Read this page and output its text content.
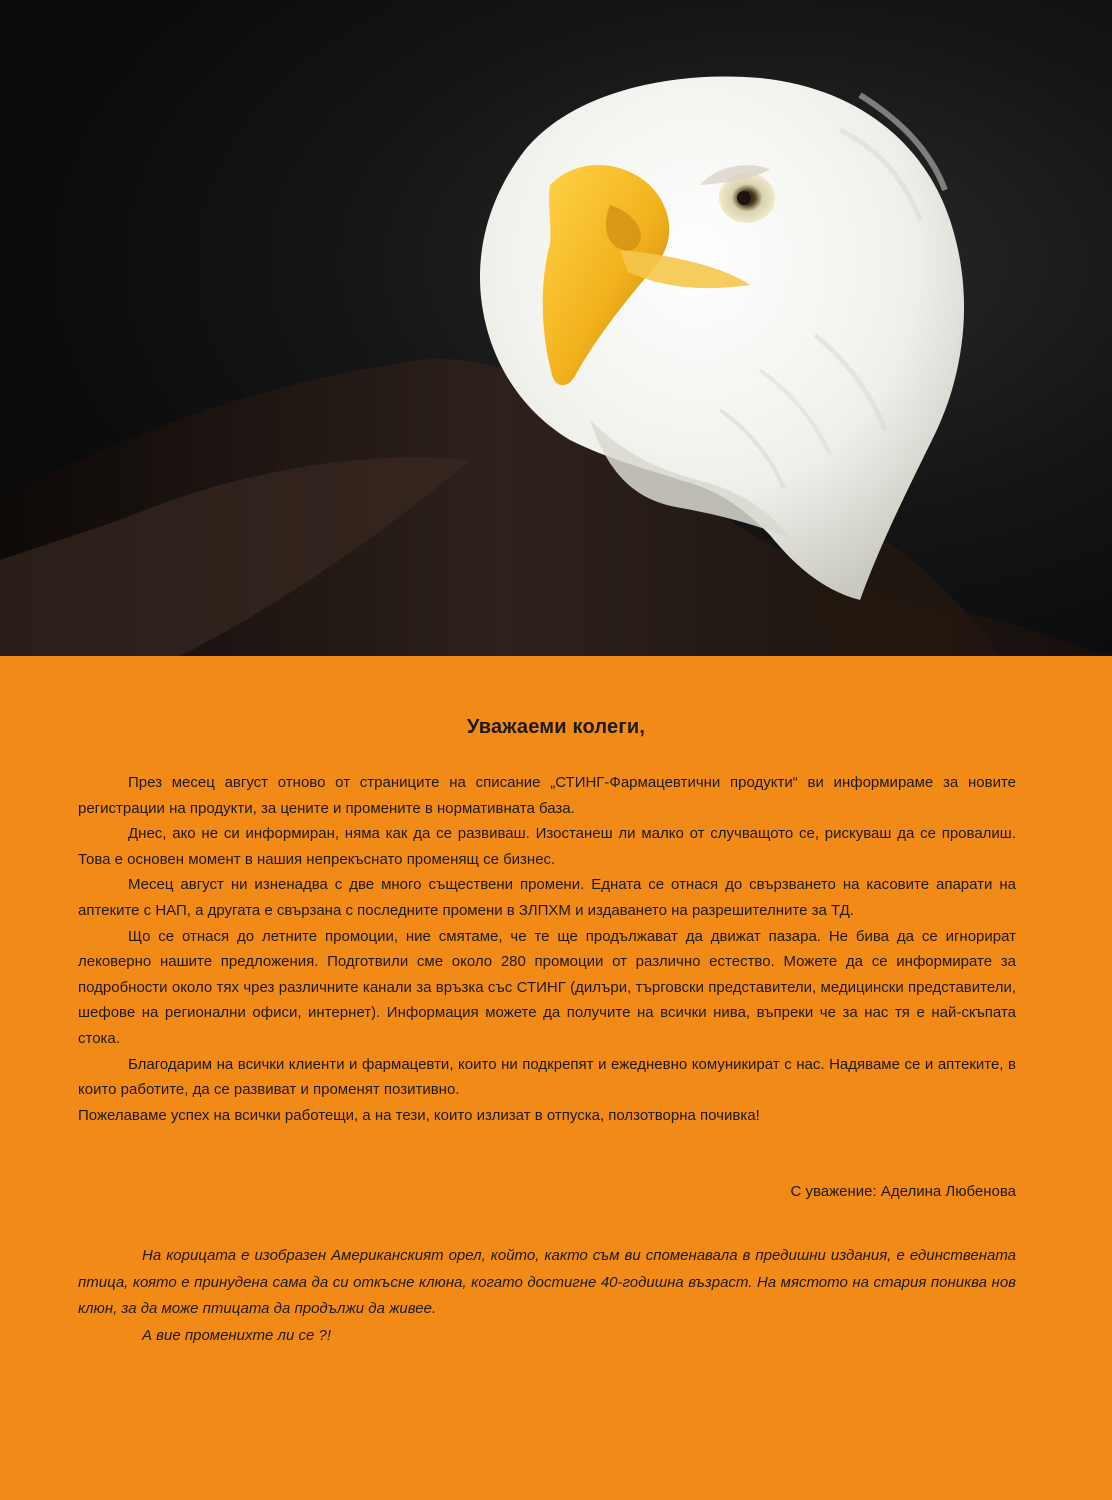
Уважаеми колеги,

През месец август отново от страниците на списание „СТИНГ-Фармацевтични продукти“ ви информираме за новите регистрации на продукти, за цените и промените в нормативната база.

Днес, ако не си информиран, няма как да се развиваш. Изостанеш ли малко от случващото се, рискуваш да се провалиш. Това е основен момент в нашия непрекъснато променящ се бизнес.

Месец август ни изненадва с две много съществени промени. Едната се отнася до свързването на касовите апарати на аптеките с НАП, а другата е свързана с последните промени в ЗЛПХМ и издаването на разрешителните за ТД.

Що се отнася до летните промоции, ние смятаме, че те ще продължават да движат пазара. Не бива да се игнорират лековерно нашите предложения. Подготвили сме около 280 промоции от различно естество. Можете да се информирате за подробности около тях чрез различните канали за връзка със СТИНГ (дилъри, търговски представители, медицински представители, шефове на регионални офиси, интернет). Информация можете да получите на всички нива, въпреки че за нас тя е най-скъпата стока.

Благодарим на всички клиенти и фармацевти, които ни подкрепят и ежедневно комуникират с нас. Надяваме се и аптеките, в които работите, да се развиват и променят позитивно.

Пожелаваме успех на всички работещи, а на тези, които излизат в отпуска, ползотворна почивка!

С уважение: Аделина Любенова

На корицата е изобразен Американският орел, който, както съм ви споменавала в предишни издания, е единствената птица, която е принудена сама да си откъсне клюна, когато достигне 40-годишна възраст. На мястото на стария пониква нов клюн, за да може птицата да продължи да живее.

А вие променихте ли се ?!
